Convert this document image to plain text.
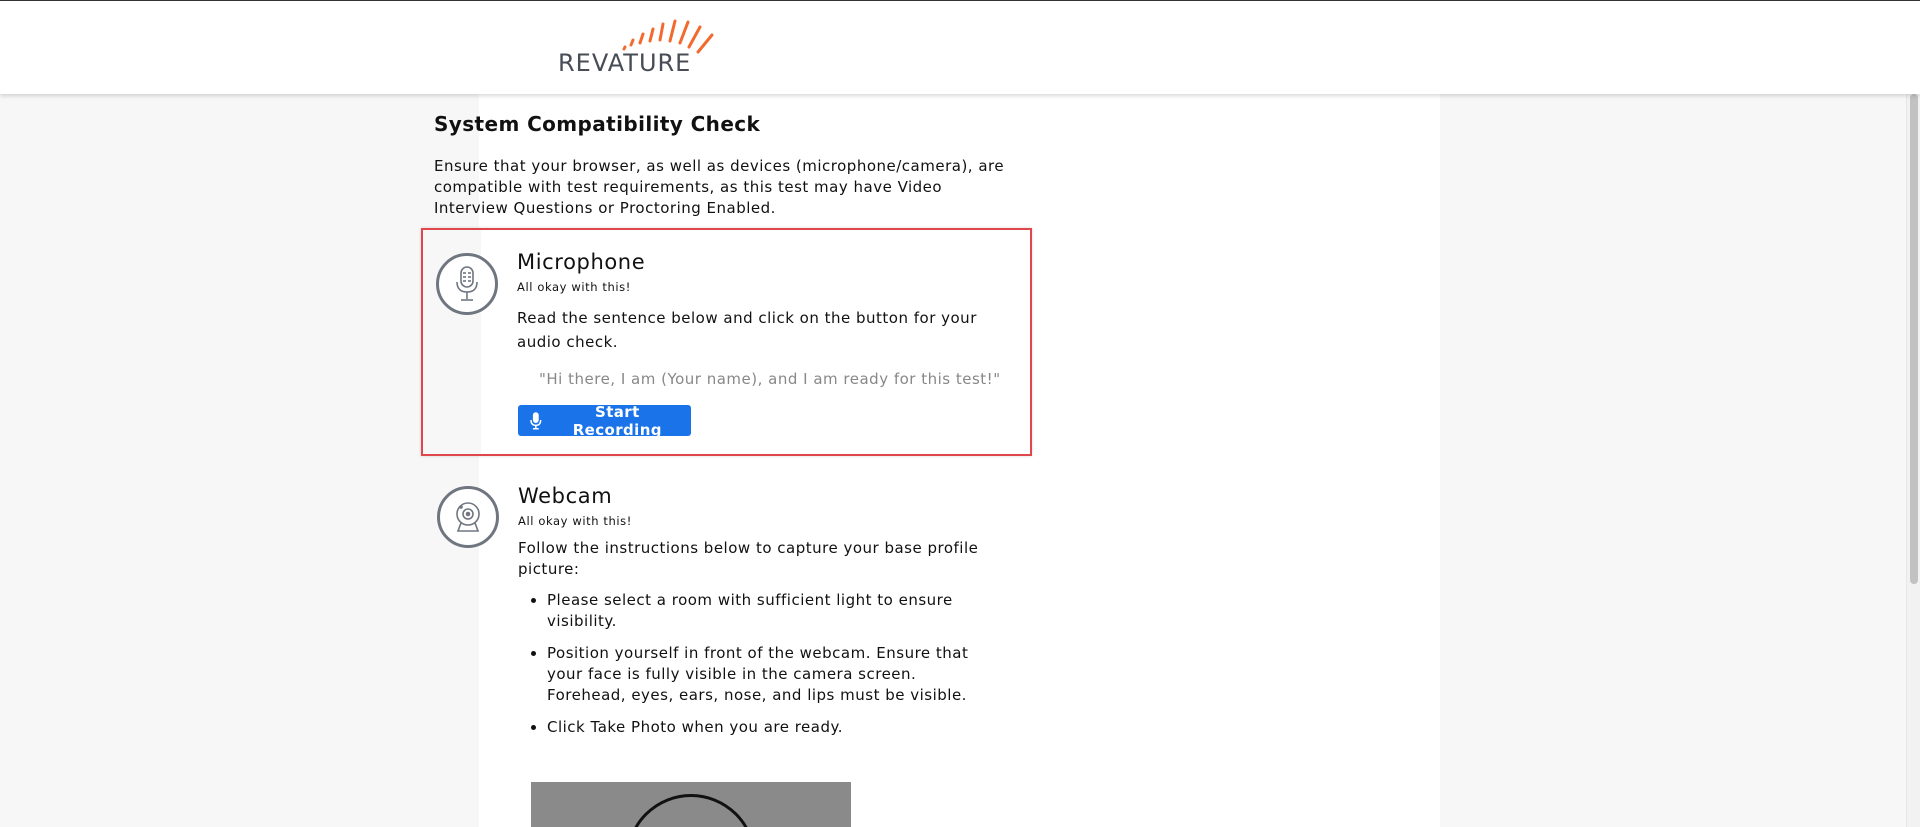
REVATURE
System Compatibility Check
Ensure that your browser, as well as devices (microphone/camera), are compatible with test requirements, as this test may have Video Interview Questions or Proctoring Enabled.
Microphone
All okay with this!
Read the sentence below and click on the button for your audio check.
"Hi there, I am (Your name), and I am ready for this test!"
Start Recording
Webcam
All okay with this!
Follow the instructions below to capture your base profile picture:
• Please select a room with sufficient light to ensure visibility.
• Position yourself in front of the webcam. Ensure that your face is fully visible in the camera screen. Forehead, eyes, ears, nose, and lips must be visible.
• Click Take Photo when you are ready.
